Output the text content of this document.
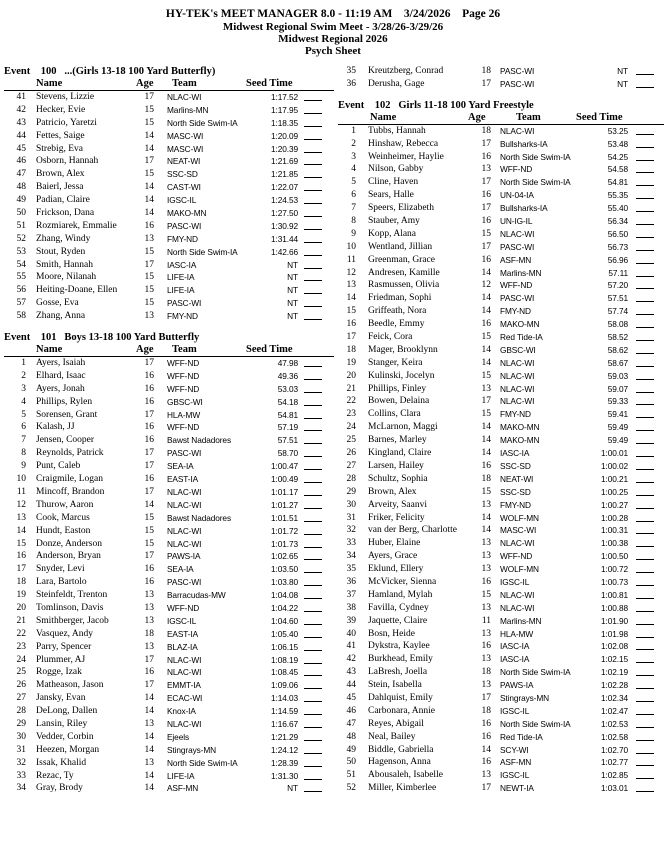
HY-TEK's MEET MANAGER 8.0 - 11:19 AM 3/24/2026 Page 26
Midwest Regional Swim Meet - 3/28/26-3/29/26
Midwest Regional 2026
Psych Sheet
Event 100 ...(Girls 13-18 100 Yard Butterfly)
Name	Age Team	Seed Time
41 Stevens, Lizzie	17 NLAC-WI	1:17.52
42 Hecker, Evie	15 Marlins-MN	1:17.95
43 Patricio, Yaretzi	15 North Side Swim-IA	1:18.35
44 Fettes, Saige	14 MASC-WI	1:20.09
45 Strebig, Eva	14 MASC-WI	1:20.39
46 Osborn, Hannah	17 NEAT-WI	1:21.69
47 Brown, Alex	15 SSC-SD	1:21.85
48 Baierl, Jessa	14 CAST-WI	1:22.07
49 Padian, Claire	14 IGSC-IL	1:24.53
50 Frickson, Dana	14 MAKO-MN	1:27.50
51 Rozmiarek, Emmalie	16 PASC-WI	1:30.92
52 Zhang, Windy	13 FMY-ND	1:31.44
53 Stout, Ryden	15 North Side Swim-IA	1:42.66
54 Smith, Hannah	17 IASC-IA	NT
55 Moore, Nilanah	15 LIFE-IA	NT
56 Heiting-Doane, Ellen	15 LIFE-IA	NT
57 Gosse, Eva	15 PASC-WI	NT
58 Zhang, Anna	13 FMY-ND	NT
Event 101 Boys 13-18 100 Yard Butterfly
Name	Age Team	Seed Time
1 Ayers, Isaiah	17 WFF-ND	47.98
2 Elhard, Isaac	16 WFF-ND	49.36
3 Ayers, Jonah	16 WFF-ND	53.03
4 Phillips, Rylen	16 GBSC-WI	54.18
5 Sorensen, Grant	17 HLA-MW	54.81
6 Kalash, JJ	16 WFF-ND	57.19
7 Jensen, Cooper	16 Bawst Nadadores	57.51
8 Reynolds, Patrick	17 PASC-WI	58.70
9 Punt, Caleb	17 SEA-IA	1:00.47
10 Craigmile, Logan	16 EAST-IA	1:00.49
11 Mincoff, Brandon	17 NLAC-WI	1:01.17
12 Thurow, Aaron	14 NLAC-WI	1:01.27
13 Cook, Marcus	15 Bawst Nadadores	1:01.51
14 Hundt, Easton	15 NLAC-WI	1:01.72
15 Donze, Anderson	15 NLAC-WI	1:01.73
16 Anderson, Bryan	17 PAWS-IA	1:02.65
17 Snyder, Levi	16 SEA-IA	1:03.50
18 Lara, Bartolo	16 PASC-WI	1:03.80
19 Steinfeldt, Trenton	13 Barracudas-MW	1:04.08
20 Tomlinson, Davis	13 WFF-ND	1:04.22
21 Smithberger, Jacob	13 IGSC-IL	1:04.60
22 Vasquez, Andy	18 EAST-IA	1:05.40
23 Parry, Spencer	13 BLAZ-IA	1:06.15
24 Plummer, AJ	17 NLAC-WI	1:08.19
25 Rogge, Izak	16 NLAC-WI	1:08.45
26 Matheason, Jason	17 EMMT-IA	1:09.06
27 Jansky, Evan	14 ECAC-WI	1:14.03
28 DeLong, Dallen	14 Knox-IA	1:14.59
29 Lansin, Riley	13 NLAC-WI	1:16.67
30 Vedder, Corbin	14 Ejeels	1:21.29
31 Heezen, Morgan	14 Stingrays-MN	1:24.12
32 Issak, Khalid	13 North Side Swim-IA	1:28.39
33 Rezac, Ty	14 LIFE-IA	1:31.30
34 Gray, Brody	14 ASF-MN	NT
35 Kreutzberg, Conrad	18 PASC-WI	NT
36 Derusha, Gage	17 PASC-WI	NT
Event 102 Girls 11-18 100 Yard Freestyle
Name	Age	Team	Seed Time
1 Tubbs, Hannah	18 NLAC-WI	53.25
2 Hinshaw, Rebecca	17 Bullsharks-IA	53.48
3 Weinheimer, Haylie	16 North Side Swim-IA	54.25
4 Nilson, Gabby	13 WFF-ND	54.58
5 Cline, Haven	17 North Side Swim-IA	54.81
6 Sears, Halle	16 UN-04-IA	55.35
7 Speers, Elizabeth	17 Bullsharks-IA	55.40
8 Stauber, Amy	16 UN-IG-IL	56.34
9 Kopp, Alana	15 NLAC-WI	56.50
10 Wentland, Jillian	17 PASC-WI	56.73
11 Greenman, Grace	16 ASF-MN	56.96
12 Andresen, Kamille	14 Marlins-MN	57.11
13 Rasmussen, Olivia	12 WFF-ND	57.20
14 Friedman, Sophi	14 PASC-WI	57.51
15 Griffeath, Nora	14 FMY-ND	57.74
16 Beedle, Emmy	16 MAKO-MN	58.08
17 Feick, Cora	15 Red Tide-IA	58.52
18 Mager, Brooklynn	14 GBSC-WI	58.62
19 Stanger, Keira	14 NLAC-WI	58.67
20 Kulinski, Jocelyn	15 NLAC-WI	59.03
21 Phillips, Finley	13 NLAC-WI	59.07
22 Bowen, Delaina	17 NLAC-WI	59.33
23 Collins, Clara	15 FMY-ND	59.41
24 McLarnon, Maggi	14 MAKO-MN	59.49
25 Barnes, Marley	14 MAKO-MN	59.49
26 Kingland, Claire	14 IASC-IA	1:00.01
27 Larsen, Hailey	16 SSC-SD	1:00.02
28 Schultz, Sophia	18 NEAT-WI	1:00.21
29 Brown, Alex	15 SSC-SD	1:00.25
30 Arveity, Saanvi	13 FMY-ND	1:00.27
31 Friker, Felicity	14 WOLF-MN	1:00.28
32 van der Berg, Charlotte	14 MASC-WI	1:00.31
33 Huber, Elaine	13 NLAC-WI	1:00.38
34 Ayers, Grace	13 WFF-ND	1:00.50
35 Eklund, Ellery	13 WOLF-MN	1:00.72
36 McVicker, Sienna	16 IGSC-IL	1:00.73
37 Hamland, Mylah	15 NLAC-WI	1:00.81
38 Favilla, Cydney	13 NLAC-WI	1:00.88
39 Jaquette, Claire	11 Marlins-MN	1:01.90
40 Bosn, Heide	13 HLA-MW	1:01.98
41 Dykstra, Kaylee	16 IASC-IA	1:02.08
42 Burkhead, Emily	13 IASC-IA	1:02.15
43 LaBresh, Joella	18 North Side Swim-IA	1:02.19
44 Stein, Isabella	13 PAWS-IA	1:02.28
45 Dahlquist, Emily	17 Stingrays-MN	1:02.34
46 Carbonara, Annie	18 IGSC-IL	1:02.47
47 Reyes, Abigail	16 North Side Swim-IA	1:02.53
48 Neal, Bailey	16 Red Tide-IA	1:02.58
49 Biddle, Gabriella	14 SCY-WI	1:02.70
50 Hagenson, Anna	16 ASF-MN	1:02.77
51 Abousaleh, Isabelle	13 IGSC-IL	1:02.85
52 Miller, Kimberlee	17 NEWT-IA	1:03.01
